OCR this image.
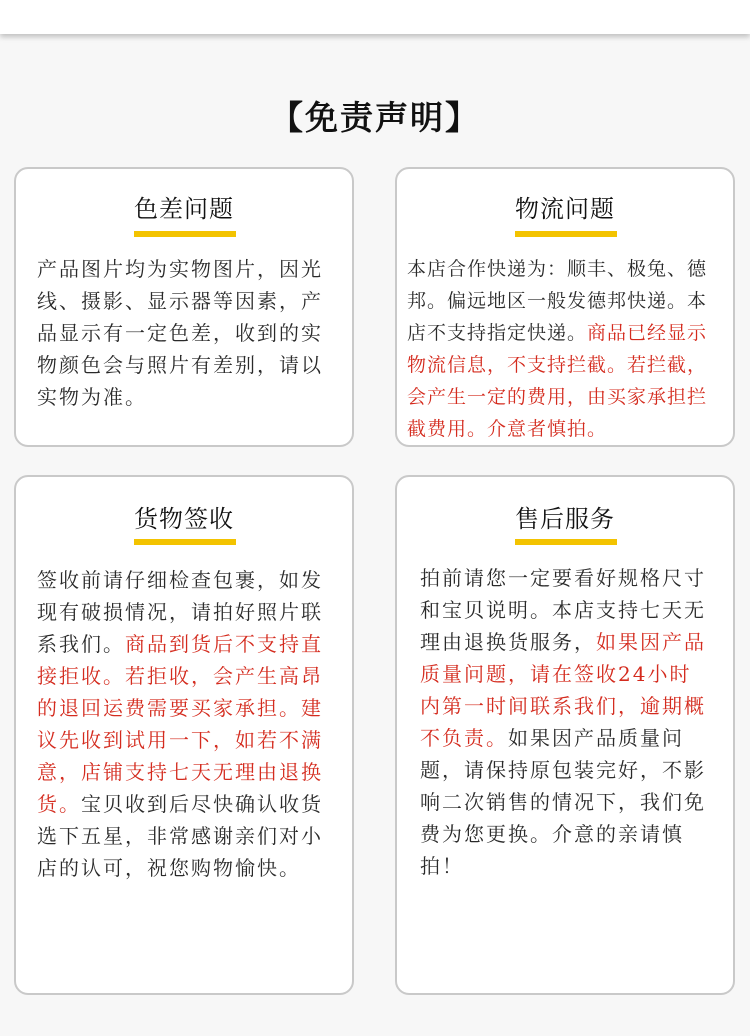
【免责声明】
色差问题

产品图片均为实物图片，因光线、摄影、显示器等因素，产品显示有一定色差，收到的实物颜色会与照片有差别，请以实物为准。

物流问题

本店合作快递为：顺丰、极兔、德邦。偏远地区一般发德邦快递。本店不支持指定快递。商品已经显示物流信息，不支持拦截。若拦截，会产生一定的费用，由买家承担拦截费用。介意者慎拍。

货物签收

签收前请仔细检查包裹，如发现有破损情况，请拍好照片联系我们。商品到货后不支持直接拒收。若拒收，会产生高昂的退回运费需要买家承担。建议先收到试用一下，如若不满意，店铺支持七天无理由退换货。宝贝收到后尽快确认收货选下五星，非常感谢亲们对小店的认可，祝您购物愉快。

售后服务

拍前请您一定要看好规格尺寸和宝贝说明。本店支持七天无理由退换货服务，如果因产品质量问题，请在签收24小时内第一时间联系我们，逾期概不负责。如果因产品质量问题，请保持原包装完好，不影响二次销售的情况下，我们免费为您更换。介意的亲请慎拍！
